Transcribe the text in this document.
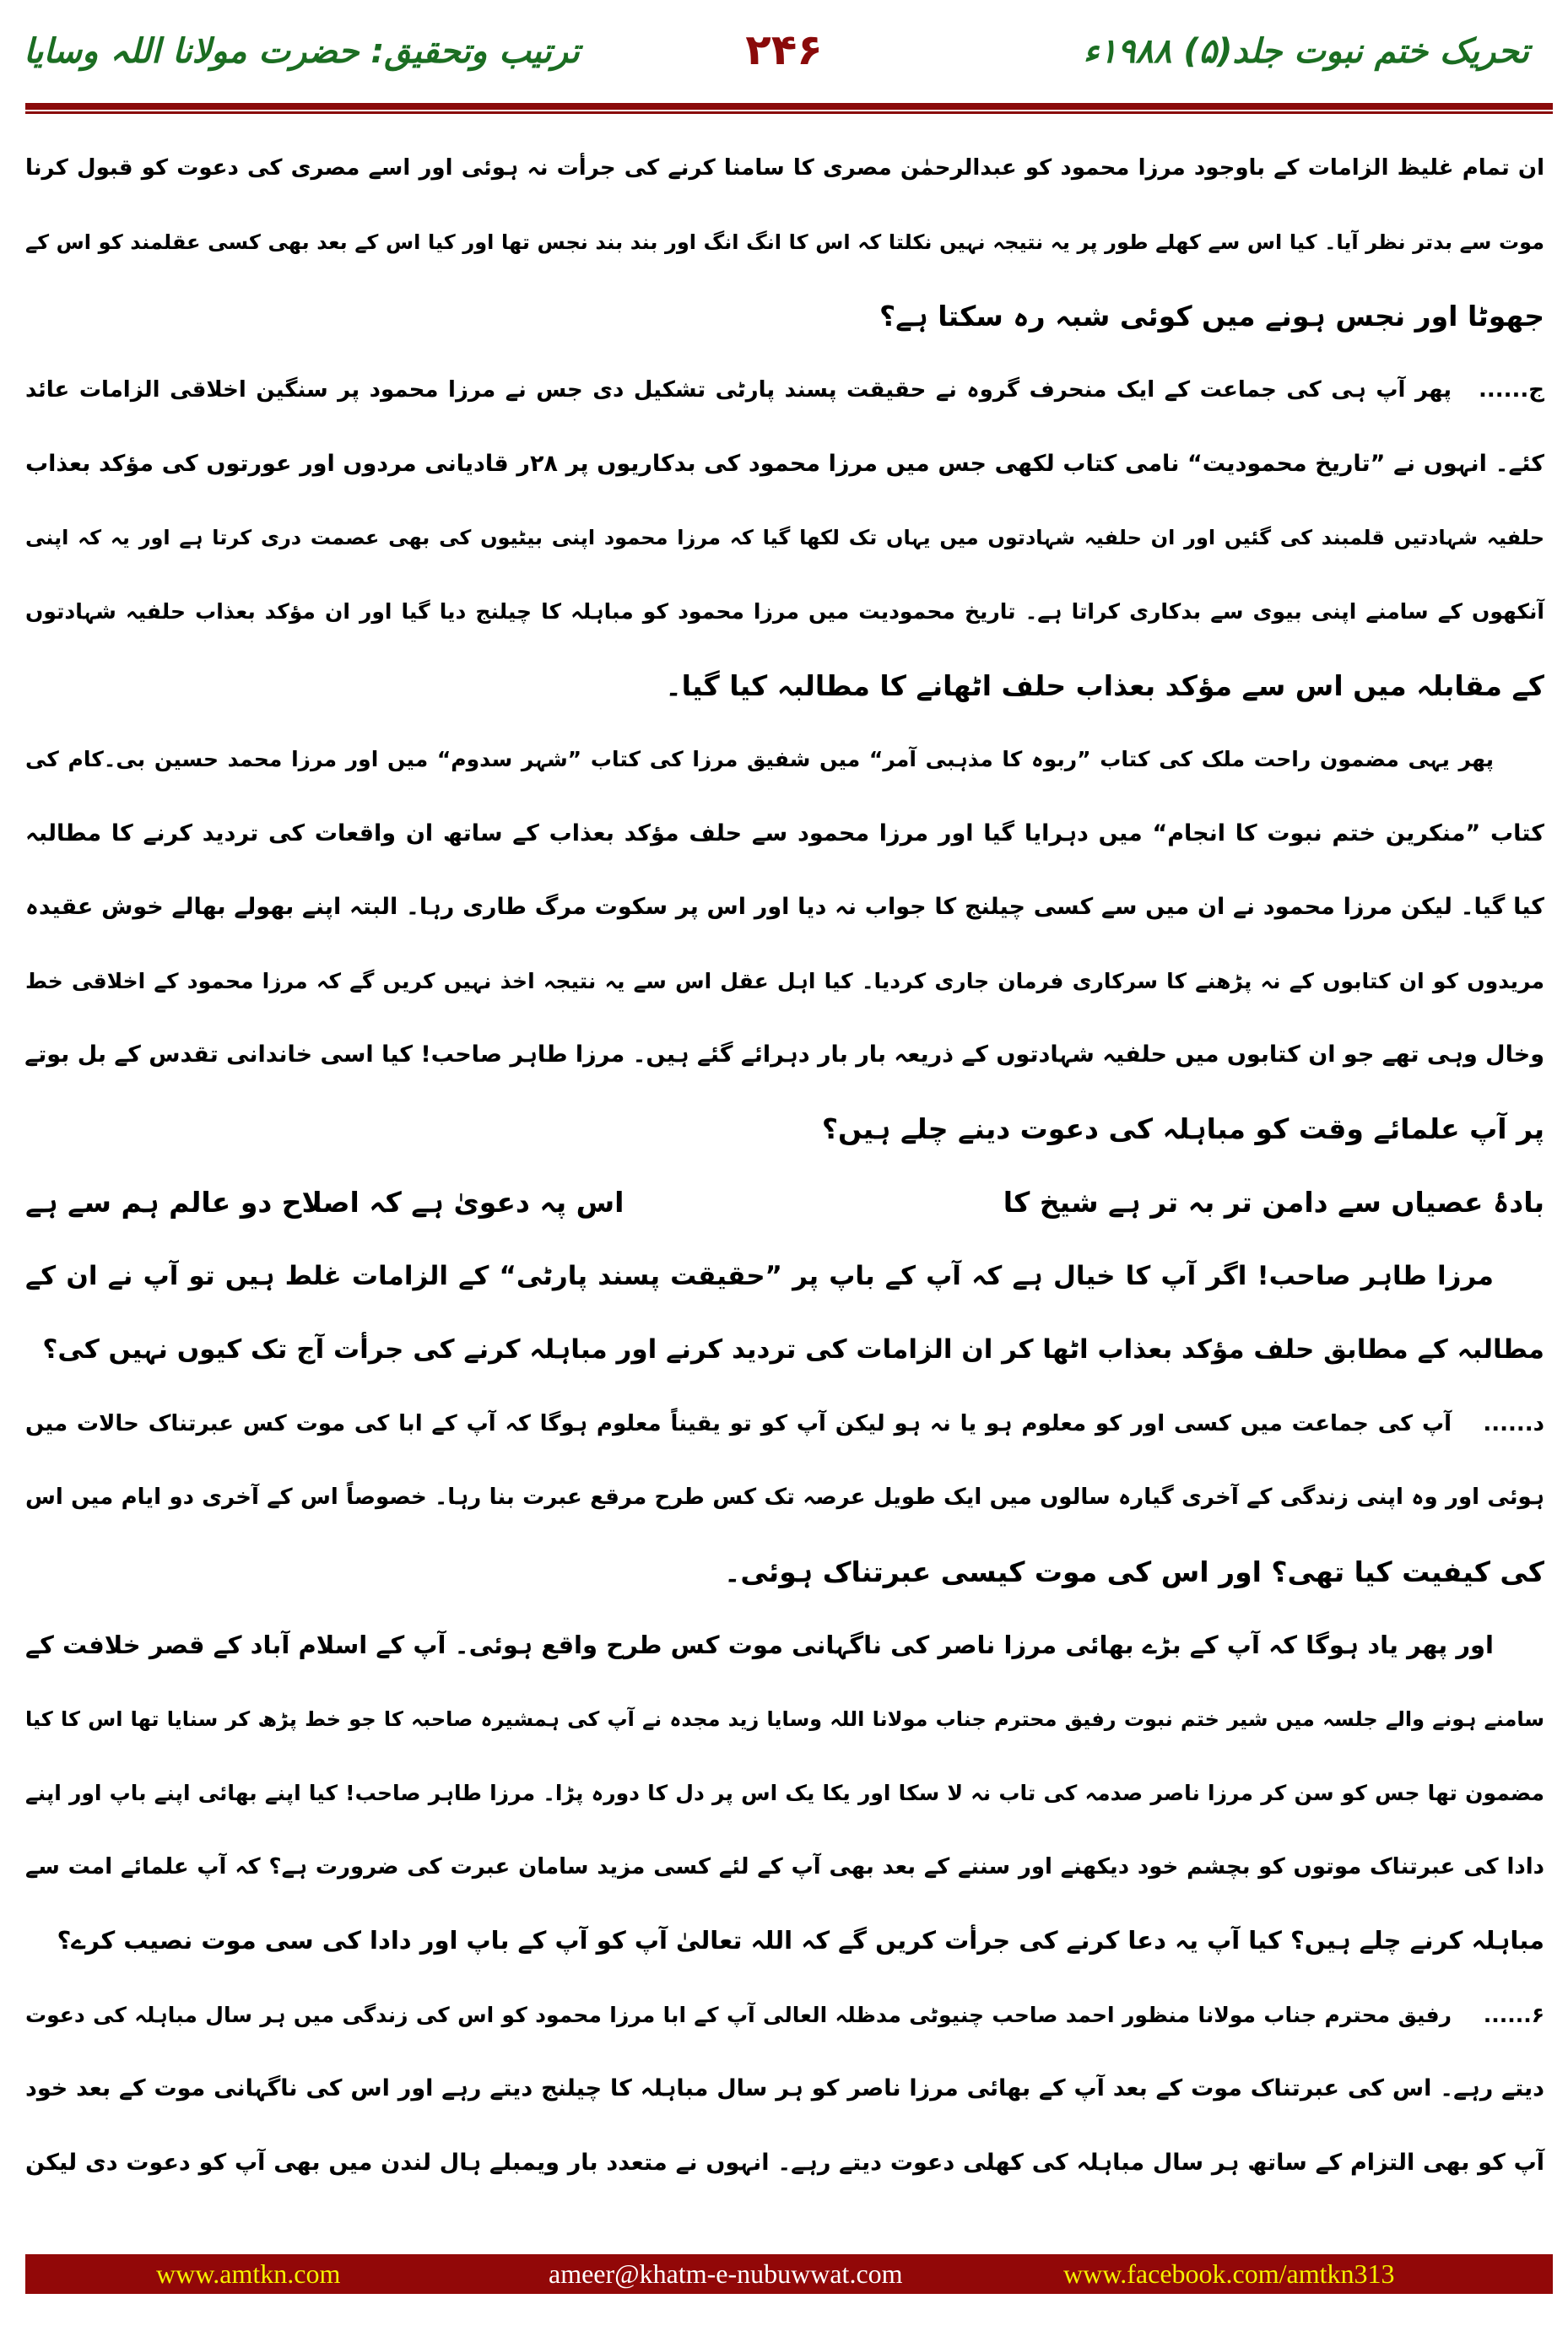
تحریک ختم نبوت جلد(۵) ۱۹۸۸ء
۲۴۶
ترتیب وتحقیق: حضرت مولانا اللہ وسایا
ان تمام غلیظ الزامات کے باوجود مرزا محمود کو عبدالرحمٰن مصری کا سامنا کرنے کی جرأت نہ ہوئی اور اسے مصری کی دعوت کو قبول کرنا
موت سے بدتر نظر آیا۔ کیا اس سے کھلے طور پر یہ نتیجہ نہیں نکلتا کہ اس کا انگ انگ اور بند بند نجس تھا اور کیا اس کے بعد بھی کسی عقلمند کو اس کے
جھوٹا اور نجس ہونے میں کوئی شبہ رہ سکتا ہے؟
ج......
پھر آپ ہی کی جماعت کے ایک منحرف گروہ نے حقیقت پسند پارٹی تشکیل دی جس نے مرزا محمود پر سنگین اخلاقی الزامات عائد
کئے۔ انہوں نے ”تاریخ محمودیت“ نامی کتاب لکھی جس میں مرزا محمود کی بدکاریوں پر ۲۸ر قادیانی مردوں اور عورتوں کی مؤکد بعذاب
حلفیہ شہادتیں قلمبند کی گئیں اور ان حلفیہ شہادتوں میں یہاں تک لکھا گیا کہ مرزا محمود اپنی بیٹیوں کی بھی عصمت دری کرتا ہے اور یہ کہ اپنی
آنکھوں کے سامنے اپنی بیوی سے بدکاری کراتا ہے۔ تاریخ محمودیت میں مرزا محمود کو مباہلہ کا چیلنج دیا گیا اور ان مؤکد بعذاب حلفیہ شہادتوں
کے مقابلہ میں اس سے مؤکد بعذاب حلف اٹھانے کا مطالبہ کیا گیا۔
پھر یہی مضمون راحت ملک کی کتاب ”ربوہ کا مذہبی آمر“ میں شفیق مرزا کی کتاب ”شہر سدوم“ میں اور مرزا محمد حسین بی۔کام کی
کتاب ”منکرین ختم نبوت کا انجام“ میں دہرایا گیا اور مرزا محمود سے حلف مؤکد بعذاب کے ساتھ ان واقعات کی تردید کرنے کا مطالبہ
کیا گیا۔ لیکن مرزا محمود نے ان میں سے کسی چیلنج کا جواب نہ دیا اور اس پر سکوت مرگ طاری رہا۔ البتہ اپنے بھولے بھالے خوش عقیدہ
مریدوں کو ان کتابوں کے نہ پڑھنے کا سرکاری فرمان جاری کردیا۔ کیا اہل عقل اس سے یہ نتیجہ اخذ نہیں کریں گے کہ مرزا محمود کے اخلاقی خط
وخال وہی تھے جو ان کتابوں میں حلفیہ شہادتوں کے ذریعہ بار بار دہرائے گئے ہیں۔ مرزا طاہر صاحب! کیا اسی خاندانی تقدس کے بل بوتے
پر آپ علمائے وقت کو مباہلہ کی دعوت دینے چلے ہیں؟
بادۂ عصیاں سے دامن تر بہ تر ہے شیخ کا
اس پہ دعویٰ ہے کہ اصلاح دو عالم ہم سے ہے
مرزا طاہر صاحب! اگر آپ کا خیال ہے کہ آپ کے باپ پر ”حقیقت پسند پارٹی“ کے الزامات غلط ہیں تو آپ نے ان کے
مطالبہ کے مطابق حلف مؤکد بعذاب اٹھا کر ان الزامات کی تردید کرنے اور مباہلہ کرنے کی جرأت آج تک کیوں نہیں کی؟
د......
آپ کی جماعت میں کسی اور کو معلوم ہو یا نہ ہو لیکن آپ کو تو یقیناً معلوم ہوگا کہ آپ کے ابا کی موت کس عبرتناک حالات میں
ہوئی اور وہ اپنی زندگی کے آخری گیارہ سالوں میں ایک طویل عرصہ تک کس طرح مرقع عبرت بنا رہا۔ خصوصاً اس کے آخری دو ایام میں اس
کی کیفیت کیا تھی؟ اور اس کی موت کیسی عبرتناک ہوئی۔
اور پھر یاد ہوگا کہ آپ کے بڑے بھائی مرزا ناصر کی ناگہانی موت کس طرح واقع ہوئی۔ آپ کے اسلام آباد کے قصر خلافت کے
سامنے ہونے والے جلسہ میں شیر ختم نبوت رفیق محترم جناب مولانا اللہ وسایا زید مجدہ نے آپ کی ہمشیرہ صاحبہ کا جو خط پڑھ کر سنایا تھا اس کا کیا
مضمون تھا جس کو سن کر مرزا ناصر صدمہ کی تاب نہ لا سکا اور یکا یک اس پر دل کا دورہ پڑا۔ مرزا طاہر صاحب! کیا اپنے بھائی اپنے باپ اور اپنے
دادا کی عبرتناک موتوں کو بچشم خود دیکھنے اور سننے کے بعد بھی آپ کے لئے کسی مزید سامان عبرت کی ضرورت ہے؟ کہ آپ علمائے امت سے
مباہلہ کرنے چلے ہیں؟ کیا آپ یہ دعا کرنے کی جرأت کریں گے کہ اللہ تعالیٰ آپ کو آپ کے باپ اور دادا کی سی موت نصیب کرے؟
۶......
رفیق محترم جناب مولانا منظور احمد صاحب چنیوٹی مدظلہ العالی آپ کے ابا مرزا محمود کو اس کی زندگی میں ہر سال مباہلہ کی دعوت
دیتے رہے۔ اس کی عبرتناک موت کے بعد آپ کے بھائی مرزا ناصر کو ہر سال مباہلہ کا چیلنج دیتے رہے اور اس کی ناگہانی موت کے بعد خود
آپ کو بھی التزام کے ساتھ ہر سال مباہلہ کی کھلی دعوت دیتے رہے۔ انہوں نے متعدد بار ویمبلے ہال لندن میں بھی آپ کو دعوت دی لیکن
www.amtkn.com	ameer@khatm-e-nubuwwat.com	www.facebook.com/amtkn313
